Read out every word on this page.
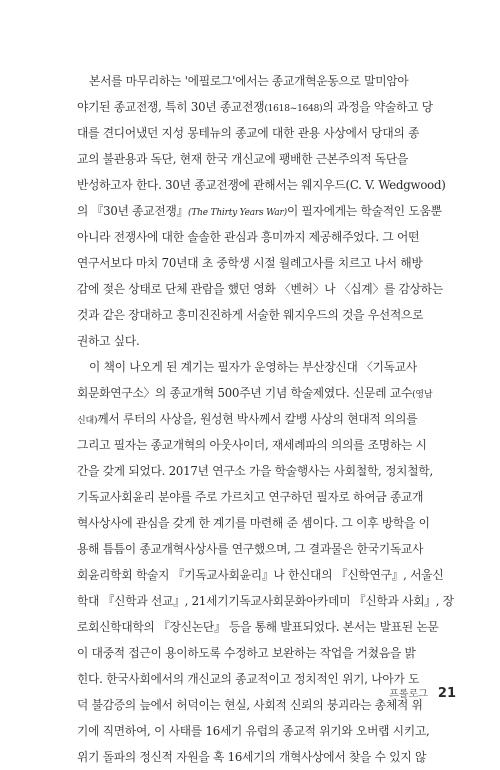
본서를 마무리하는 '에필로그'에서는 종교개혁운동으로 말미암아
야기된 종교전쟁, 특히 30년 종교전쟁(1618~1648)의 과정을 약술하고 당
대를 견디어냈던 지성 몽테뉴의 종교에 대한 관용 사상에서 당대의 종
교의 불관용과 독단, 현재 한국 개신교에 팽배한 근본주의적 독단을
반성하고자 한다. 30년 종교전쟁에 관해서는 웨지우드(C. V. Wedgwood)
의 『30년 종교전쟁』(The Thirty Years War)이 필자에게는 학술적인 도움뿐
아니라 전쟁사에 대한 솔솔한 관심과 흥미까지 제공해주었다. 그 어떤
연구서보다 마치 70년대 초 중학생 시절 월례고사를 치르고 나서 해방
감에 젖은 상태로 단체 관람을 했던 영화 〈벤허〉나 〈십계〉를 감상하는
것과 같은 장대하고 흥미진진하게 서술한 웨지우드의 것을 우선적으로
권하고 싶다.
이 책이 나오게 된 계기는 필자가 운영하는 부산장신대 〈기독교사
회문화연구소〉의 종교개혁 500주년 기념 학술제였다. 신문레 교수(영남
신대)께서 루터의 사상을, 원성현 박사께서 칼뱅 사상의 현대적 의의를
그리고 필자는 종교개혁의 아웃사이더, 재세례파의 의의를 조명하는 시
간을 갖게 되었다. 2017년 연구소 가을 학술행사는 사회철학, 정치철학,
기독교사회윤리 분야를 주로 가르치고 연구하던 필자로 하여금 종교개
혁사상사에 관심을 갖게 한 계기를 마련해 준 셈이다. 그 이후 방학을 이
용해 틈틈이 종교개혁사상사를 연구했으며, 그 결과물은 한국기독교사
회윤리학회 학술지 『기독교사회윤리』나 한신대의 『신학연구』, 서울신
학대 『신학과 선교』, 21세기기독교사회문화아카데미 『신학과 사회』, 장
로회신학대학의 『장신논단』 등을 통해 발표되었다. 본서는 발표된 논문
이 대중적 접근이 용이하도록 수정하고 보완하는 작업을 거쳤음을 밝
힌다. 한국사회에서의 개신교의 종교적이고 정치적인 위기, 나아가 도
덕 불감증의 늪에서 허덕이는 현실, 사회적 신뢰의 붕괴라는 총체적 위
기에 직면하여, 이 사태를 16세기 유럽의 종교적 위기와 오버랩 시키고,
위기 돌파의 정신적 자원을 혹 16세기의 개혁사상에서 찾을 수 있지 않
프롤로그 21
